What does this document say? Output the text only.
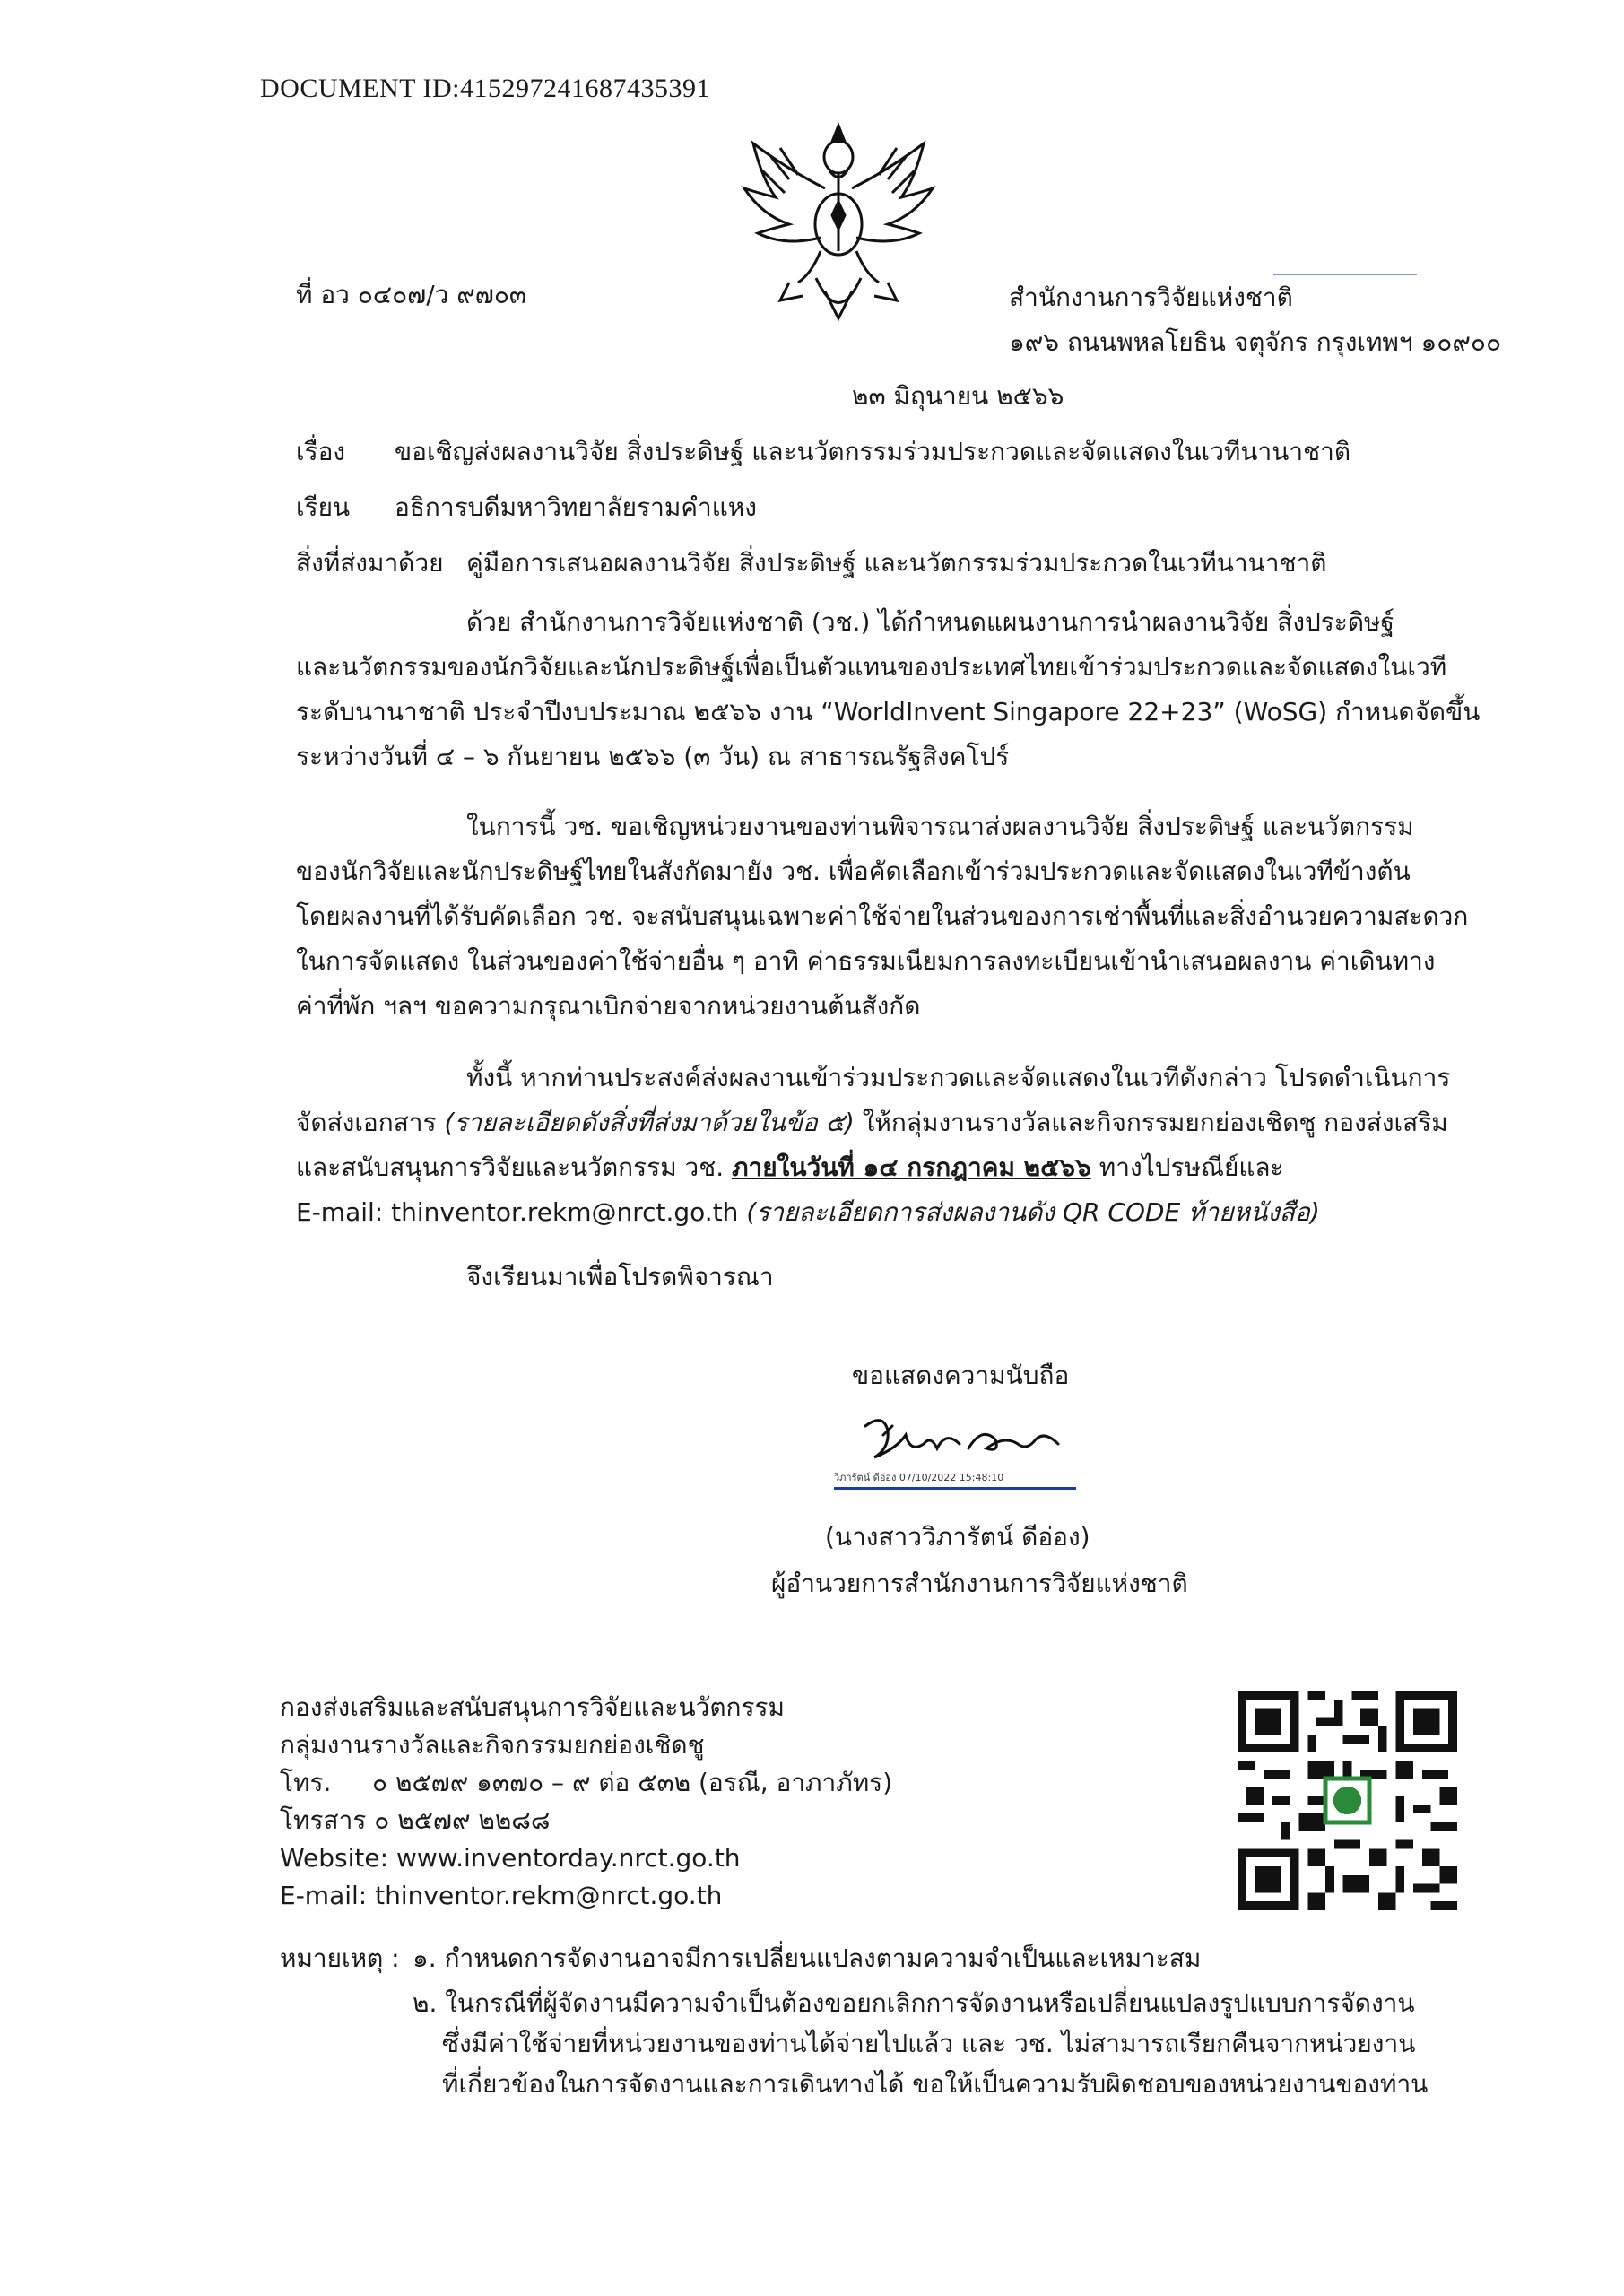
DOCUMENT ID:415297241687435391
ที่ อว ๐๔๐๗/ว ๙๗๐๓	สำนักงานการวิจัยแห่งชาติ
๑๙๖ ถนนพหลโยธิน จตุจักร กรุงเทพฯ ๑๐๙๐๐
๒๓ มิถุนายน ๒๕๖๖
เรื่อง ขอเชิญส่งผลงานวิจัย สิ่งประดิษฐ์ และนวัตกรรมร่วมประกวดและจัดแสดงในเวทีนานาชาติ
เรียน อธิการบดีมหาวิทยาลัยรามคำแหง
สิ่งที่ส่งมาด้วย คู่มือการเสนอผลงานวิจัย สิ่งประดิษฐ์ และนวัตกรรมร่วมประกวดในเวทีนานาชาติ
ด้วย สำนักงานการวิจัยแห่งชาติ (วช.) ได้กำหนดแผนงานการนำผลงานวิจัย สิ่งประดิษฐ์
และนวัตกรรมของนักวิจัยและนักประดิษฐ์เพื่อเป็นตัวแทนของประเทศไทยเข้าร่วมประกวดและจัดแสดงในเวที
ระดับนานาชาติ ประจำปีงบประมาณ ๒๕๖๖ งาน “WorldInvent Singapore 22+23” (WoSG) กำหนดจัดขึ้น
ระหว่างวันที่ ๔ – ๖ กันยายน ๒๕๖๖ (๓ วัน) ณ สาธารณรัฐสิงคโปร์
ในการนี้ วช. ขอเชิญหน่วยงานของท่านพิจารณาส่งผลงานวิจัย สิ่งประดิษฐ์ และนวัตกรรม
ของนักวิจัยและนักประดิษฐ์ไทยในสังกัดมายัง วช. เพื่อคัดเลือกเข้าร่วมประกวดและจัดแสดงในเวทีข้างต้น
โดยผลงานที่ได้รับคัดเลือก วช. จะสนับสนุนเฉพาะค่าใช้จ่ายในส่วนของการเช่าพื้นที่และสิ่งอำนวยความสะดวก
ในการจัดแสดง ในส่วนของค่าใช้จ่ายอื่น ๆ อาทิ ค่าธรรมเนียมการลงทะเบียนเข้านำเสนอผลงาน ค่าเดินทาง
ค่าที่พัก ฯลฯ ขอความกรุณาเบิกจ่ายจากหน่วยงานต้นสังกัด
ทั้งนี้ หากท่านประสงค์ส่งผลงานเข้าร่วมประกวดและจัดแสดงในเวทีดังกล่าว โปรดดำเนินการ
จัดส่งเอกสาร (รายละเอียดดังสิ่งที่ส่งมาด้วยในข้อ ๕) ให้กลุ่มงานรางวัลและกิจกรรมยกย่องเชิดชู กองส่งเสริม
และสนับสนุนการวิจัยและนวัตกรรม วช. ภายในวันที่ ๑๔ กรกฎาคม ๒๕๖๖ ทางไปรษณีย์และ
E-mail: thinventor.rekm@nrct.go.th (รายละเอียดการส่งผลงานดัง QR CODE ท้ายหนังสือ)
จึงเรียนมาเพื่อโปรดพิจารณา
ขอแสดงความนับถือ
วิภารัตน์ ดีอ่อง 07/10/2022 15:48:10
(นางสาววิภารัตน์ ดีอ่อง)
ผู้อำนวยการสำนักงานการวิจัยแห่งชาติ
กองส่งเสริมและสนับสนุนการวิจัยและนวัตกรรม
กลุ่มงานรางวัลและกิจกรรมยกย่องเชิดชู
โทร. ๐ ๒๕๗๙ ๑๓๗๐ – ๙ ต่อ ๕๓๒ (อรณี, อาภาภัทร)
โทรสาร ๐ ๒๕๗๙ ๒๒๘๘
Website: www.inventorday.nrct.go.th
E-mail: thinventor.rekm@nrct.go.th
หมายเหตุ : ๑. กำหนดการจัดงานอาจมีการเปลี่ยนแปลงตามความจำเป็นและเหมาะสม
๒. ในกรณีที่ผู้จัดงานมีความจำเป็นต้องขอยกเลิกการจัดงานหรือเปลี่ยนแปลงรูปแบบการจัดงาน
ซึ่งมีค่าใช้จ่ายที่หน่วยงานของท่านได้จ่ายไปแล้ว และ วช. ไม่สามารถเรียกคืนจากหน่วยงาน
ที่เกี่ยวข้องในการจัดงานและการเดินทางได้ ขอให้เป็นความรับผิดชอบของหน่วยงานของท่าน
